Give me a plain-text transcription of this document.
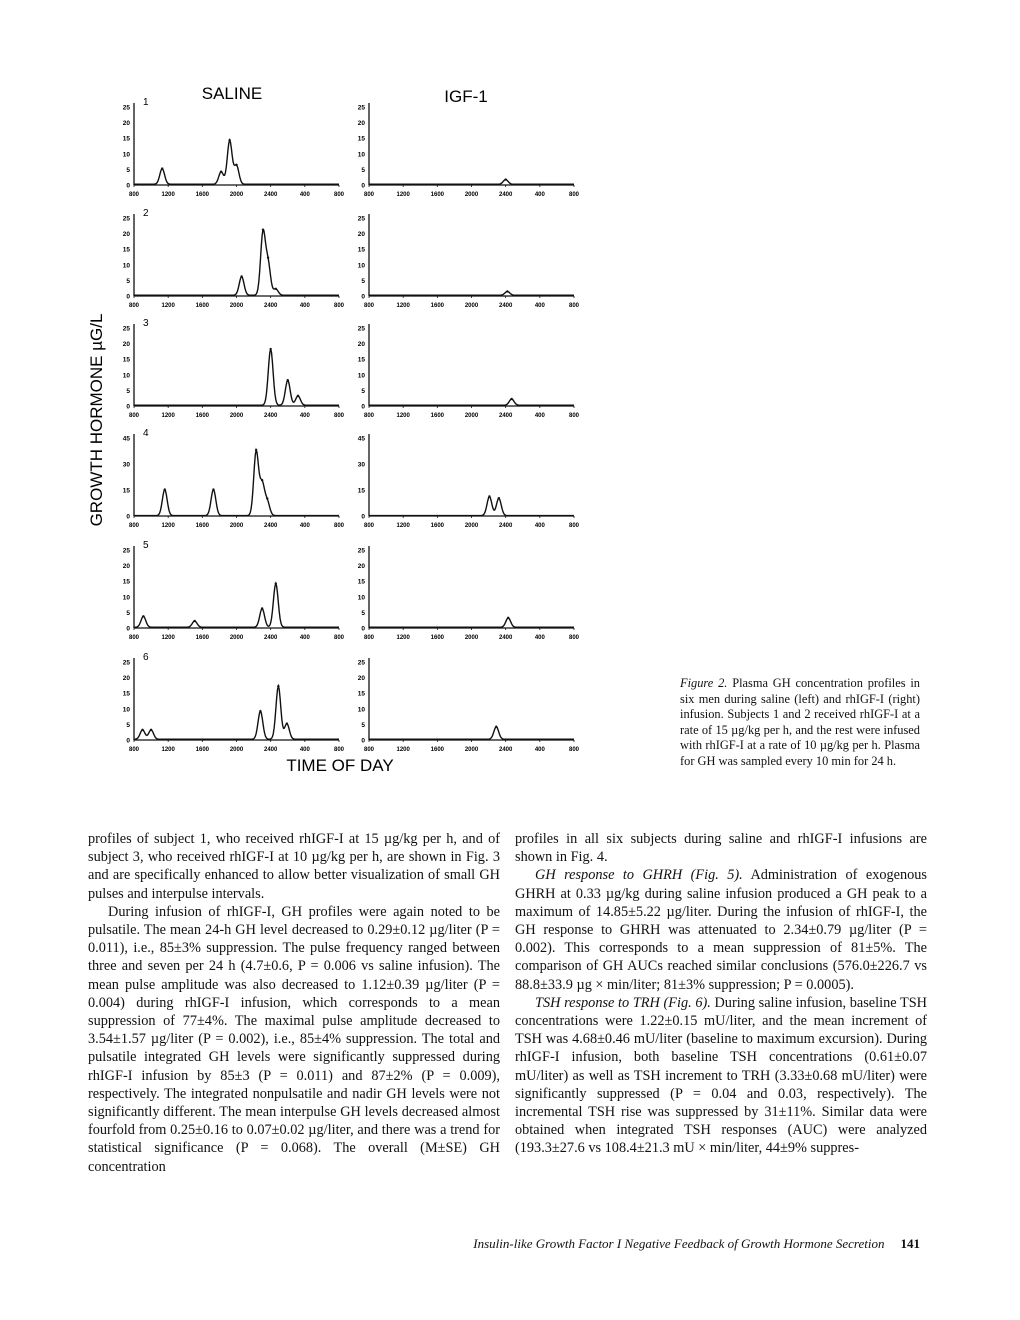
SALINE	IGF-1
GROWTH HORMONE µG/L
TIME OF DAY
0
5
10
15
20
25
800	1200	1600	2000	2400	400	800
1
0
5
10
15
20
25
800	1200	1600	2000	2400	400	800
0
5
10
15
20
25
800	1200	1600	2000	2400	400	800
2
0
5
10
15
20
25
800	1200	1600	2000	2400	400	800
0
5
10
15
20
25
800	1200	1600	2000	2400	400	800
3
0
5
10
15
20
25
800	1200	1600	2000	2400	400	800
0
15
30
45
800	1200	1600	2000	2400	400	800
4
0
15
30
45
800	1200	1600	2000	2400	400	800
0
5
10
15
20
25
800	1200	1600	2000	2400	400	800
5
0
5
10
15
20
25
800	1200	1600	2000	2400	400	800
0
5
10
15
20
25
800	1200	1600	2000	2400	400	800
6
0
5
10
15
20
25
800	1200	1600	2000	2400	400	800
Figure 2. Plasma GH concentration profiles in six men during saline (left) and rhIGF-I (right) infusion. Subjects 1 and 2 received rhIGF-I at a rate of 15 µg/kg per h, and the rest were infused with rhIGF-I at a rate of 10 µg/kg per h. Plasma for GH was sampled every 10 min for 24 h.

profiles of subject 1, who received rhIGF-I at 15 µg/kg per h, and of subject 3, who received rhIGF-I at 10 µg/kg per h, are shown in Fig. 3 and are specifically enhanced to allow better visualization of small GH pulses and interpulse intervals.

During infusion of rhIGF-I, GH profiles were again noted to be pulsatile. The mean 24-h GH level decreased to 0.29±0.12 µg/liter (P = 0.011), i.e., 85±3% suppression. The pulse frequency ranged between three and seven per 24 h (4.7±0.6, P = 0.006 vs saline infusion). The mean pulse amplitude was also decreased to 1.12±0.39 µg/liter (P = 0.004) during rhIGF-I infusion, which corresponds to a mean suppression of 77±4%. The maximal pulse amplitude decreased to 3.54±1.57 µg/liter (P = 0.002), i.e., 85±4% suppression. The total and pulsatile integrated GH levels were significantly suppressed during rhIGF-I infusion by 85±3 (P = 0.011) and 87±2% (P = 0.009), respectively. The integrated nonpulsatile and nadir GH levels were not significantly different. The mean interpulse GH levels decreased almost fourfold from 0.25±0.16 to 0.07±0.02 µg/liter, and there was a trend for statistical significance (P = 0.068). The overall (M±SE) GH concentration

profiles in all six subjects during saline and rhIGF-I infusions are shown in Fig. 4.

GH response to GHRH (Fig. 5). Administration of exogenous GHRH at 0.33 µg/kg during saline infusion produced a GH peak to a maximum of 14.85±5.22 µg/liter. During the infusion of rhIGF-I, the GH response to GHRH was attenuated to 2.34±0.79 µg/liter (P = 0.002). This corresponds to a mean suppression of 81±5%. The comparison of GH AUCs reached similar conclusions (576.0±226.7 vs 88.8±33.9 µg × min/liter; 81±3% suppression; P = 0.0005).

TSH response to TRH (Fig. 6). During saline infusion, baseline TSH concentrations were 1.22±0.15 mU/liter, and the mean increment of TSH was 4.68±0.46 mU/liter (baseline to maximum excursion). During rhIGF-I infusion, both baseline TSH concentrations (0.61±0.07 mU/liter) as well as TSH increment to TRH (3.33±0.68 mU/liter) were significantly suppressed (P = 0.04 and 0.03, respectively). The incremental TSH rise was suppressed by 31±11%. Similar data were obtained when integrated TSH responses (AUC) were analyzed (193.3±27.6 vs 108.4±21.3 mU × min/liter, 44±9% suppres-

Insulin-like Growth Factor I Negative Feedback of Growth Hormone Secretion 141
